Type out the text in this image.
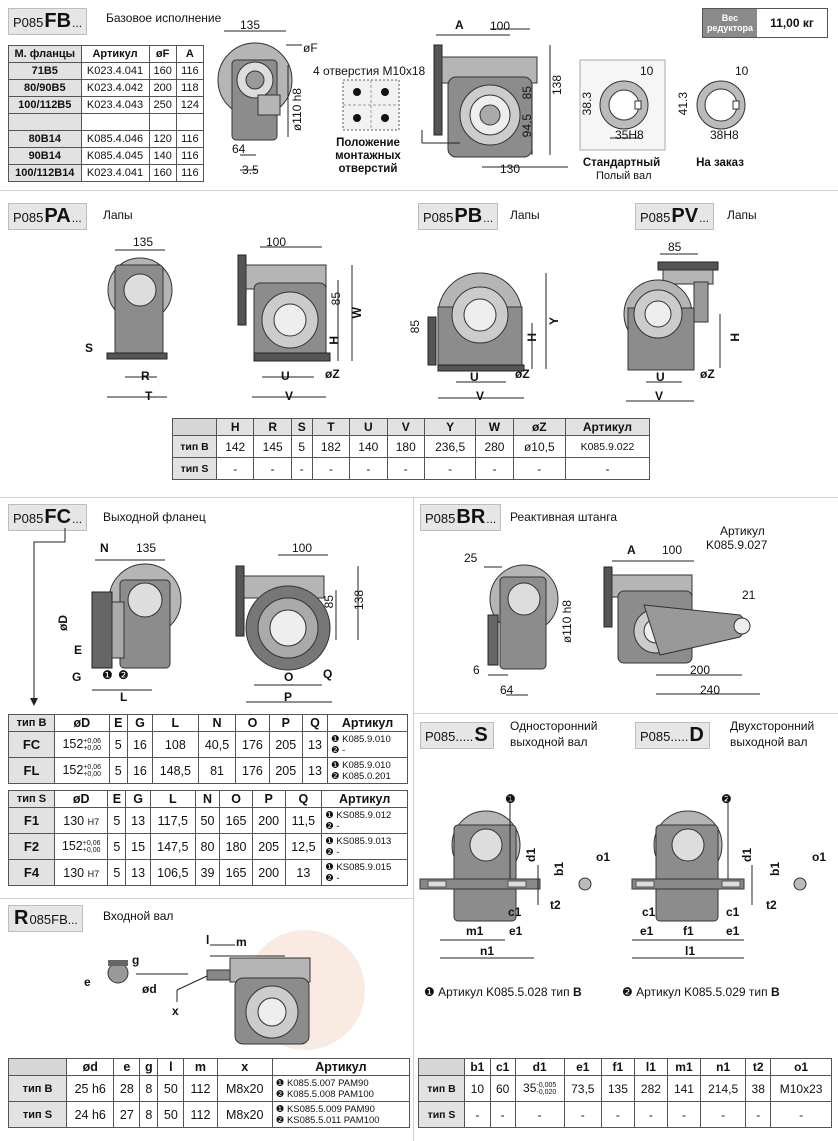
P085 FB ... Базовое исполнение
М. фланцы	Артикул	øF	A
71B5	K023.4.041	160	116
80/90B5	K023.4.042	200	118
100/112B5	K023.4.043	250	124

80B14	K085.4.046	120	116
90B14	K085.4.045	140	116
100/112B14	K023.4.041	160	116
135
øF
ø110 h8
64
3.5
4 отверстия M10x18
Положение
монтажных
отверстий
A 100
138
85
94.5
130
10
38.3
35H8
Стандартный
Полый вал
10
41.3
38H8
На заказ
Вес
редуктора	11,00 кг
P085 PA ... Лапы
135
S
R
T
100
85
W
H
U	øZ
V
P085 PB ... Лапы
85	Y
H
U	øZ
V
P085 PV ... Лапы
85
H
U	øZ
V
	H	R	S	T	U	V	Y	W	øZ	Артикул
тип B	142	145	5	182	140	180	236,5	280	ø10,5	K085.9.022
тип S	-	-	-	-	-	-	-	-	-	-
P085 FC ... Выходной фланец
N 135
øD
E
G ❶ ❷
L
100
85 138
O Q
P
тип B	øD	E	G	L	N	O	P	Q	Артикул
FC	152+0,06
+0,00	5	16	108	40,5	176	205	13	❶ K085.9.010
❷ -
FL	152+0,06
+0,00	5	16	148,5	81	176	205	13	❶ K085.9.010
❷ K085.0.201
тип S	øD	E	G	L	N	O	P	Q	Артикул
F1	130 H7	5	13	117,5	50	165	200	11,5	❶ KS085.9.012
❷ -
F2	152+0,06
+0,00	5	15	147,5	80	180	205	12,5	❶ KS085.9.013
❷ -
F4	130 H7	5	13	106,5	39	165	200	13	❶ KS085.9.015
❷ -
P085 BR ... Реактивная штанга
Артикул
K085.9.027
25
ø110 h8
6
64
A 100
21
200
240
P085..... S Односторонний
выходной вал	P085..... D Двухсторонний
выходной вал
❶
d1
b1
o1
t2
c1
e1
m1
n1
❷
d1
b1
o1
t2
c1	c1
e1 f1	e1
l1
❶ Артикул K085.5.028 тип B	❷ Артикул K085.5.029 тип B
	b1	c1	d1	e1	f1	l1	m1	n1	t2	o1
тип B	10	60	35-0,005
-0,020	73,5	135	282	141	214,5	38	M10x23
тип S	-	-	-	-	-	-	-	-	-	-
R 085FB ... Входной вал
g
e	ød
l m
x
	ød	e	g	l	m	x	Артикул
тип B	25 h6	28	8	50	112	M8x20	❶ K085.5.007 PAM90
❷ K085.5.008 PAM100
тип S	24 h6	27	8	50	112	M8x20	❶ KS085.5.009 PAM90
❷ KS085.5.011 PAM100
